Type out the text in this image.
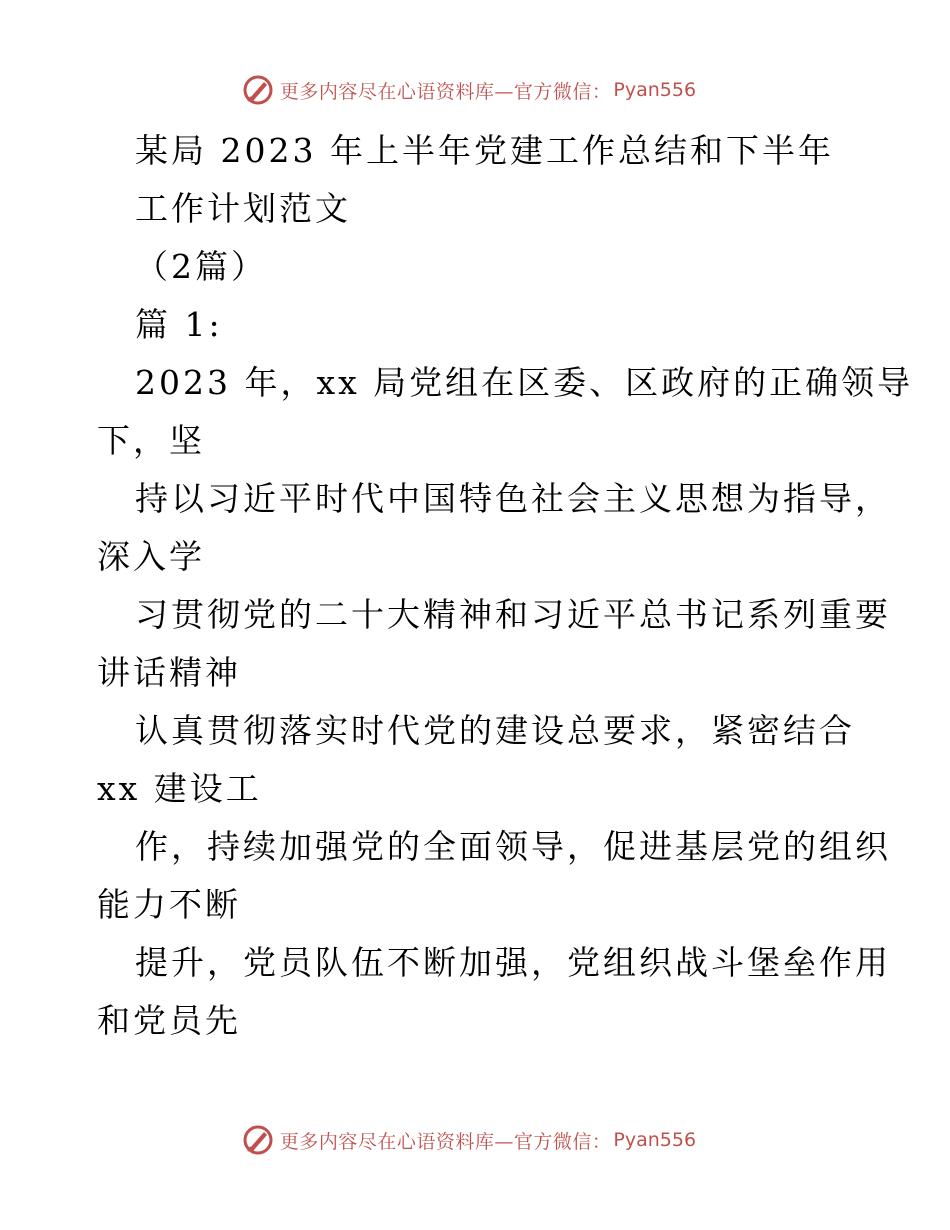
更多内容尽在心语资料库—官方微信： Pyan556
某局 2023 年上半年党建工作总结和下半年
工作计划范文
（2篇）
篇 1:
2023 年，xx 局党组在区委、区政府的正确领导
下，坚
持以习近平时代中国特色社会主义思想为指导，
深入学
习贯彻党的二十大精神和习近平总书记系列重要
讲话精神
认真贯彻落实时代党的建设总要求，紧密结合
xx 建设工
作，持续加强党的全面领导，促进基层党的组织
能力不断
提升，党员队伍不断加强，党组织战斗堡垒作用
和党员先
更多内容尽在心语资料库—官方微信： Pyan556
